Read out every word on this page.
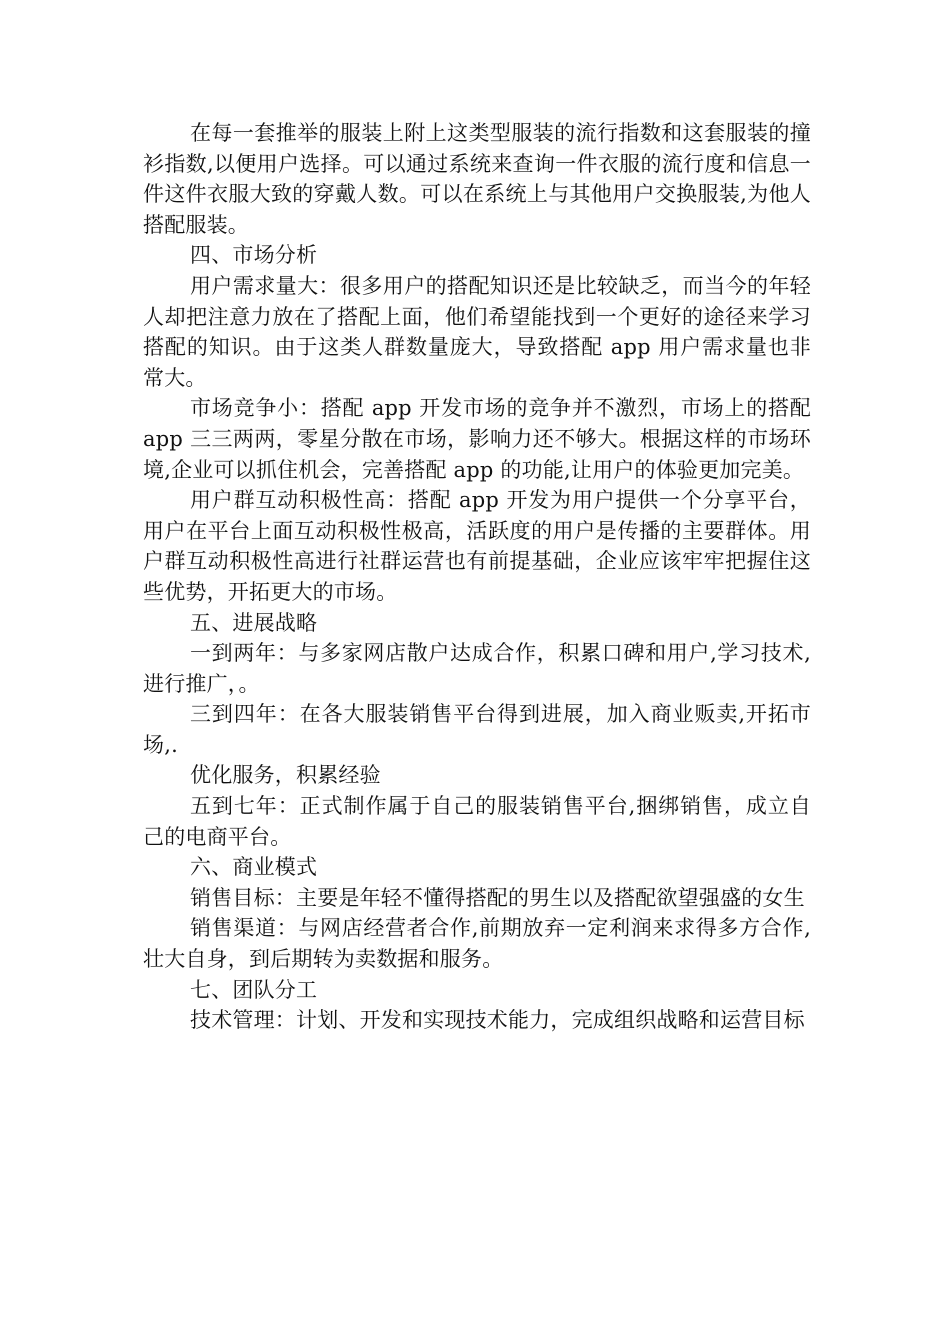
在每一套推举的服装上附上这类型服装的流行指数和这套服装的撞衫指数,以便用户选择。可以通过系统来查询一件衣服的流行度和信息一件这件衣服大致的穿戴人数。可以在系统上与其他用户交换服装,为他人搭配服装。

四、市场分析

用户需求量大：很多用户的搭配知识还是比较缺乏，而当今的年轻人却把注意力放在了搭配上面，他们希望能找到一个更好的途径来学习搭配的知识。由于这类人群数量庞大，导致搭配 app 用户需求量也非常大。

市场竞争小：搭配 app 开发市场的竞争并不激烈，市场上的搭配 app 三三两两，零星分散在市场，影响力还不够大。根据这样的市场环境,企业可以抓住机会，完善搭配 app 的功能,让用户的体验更加完美。

用户群互动积极性高：搭配 app 开发为用户提供一个分享平台，用户在平台上面互动积极性极高，活跃度的用户是传播的主要群体。用户群互动积极性高进行社群运营也有前提基础，企业应该牢牢把握住这些优势，开拓更大的市场。

五、进展战略

一到两年：与多家网店散户达成合作，积累口碑和用户,学习技术,进行推广，。

三到四年：在各大服装销售平台得到进展，加入商业贩卖,开拓市场,.

优化服务，积累经验

五到七年：正式制作属于自己的服装销售平台,捆绑销售，成立自己的电商平台。

六、商业模式

销售目标：主要是年轻不懂得搭配的男生以及搭配欲望强盛的女生

销售渠道：与网店经营者合作,前期放弃一定利润来求得多方合作,壮大自身，到后期转为卖数据和服务。

七、团队分工

技术管理：计划、开发和实现技术能力，完成组织战略和运营目标
